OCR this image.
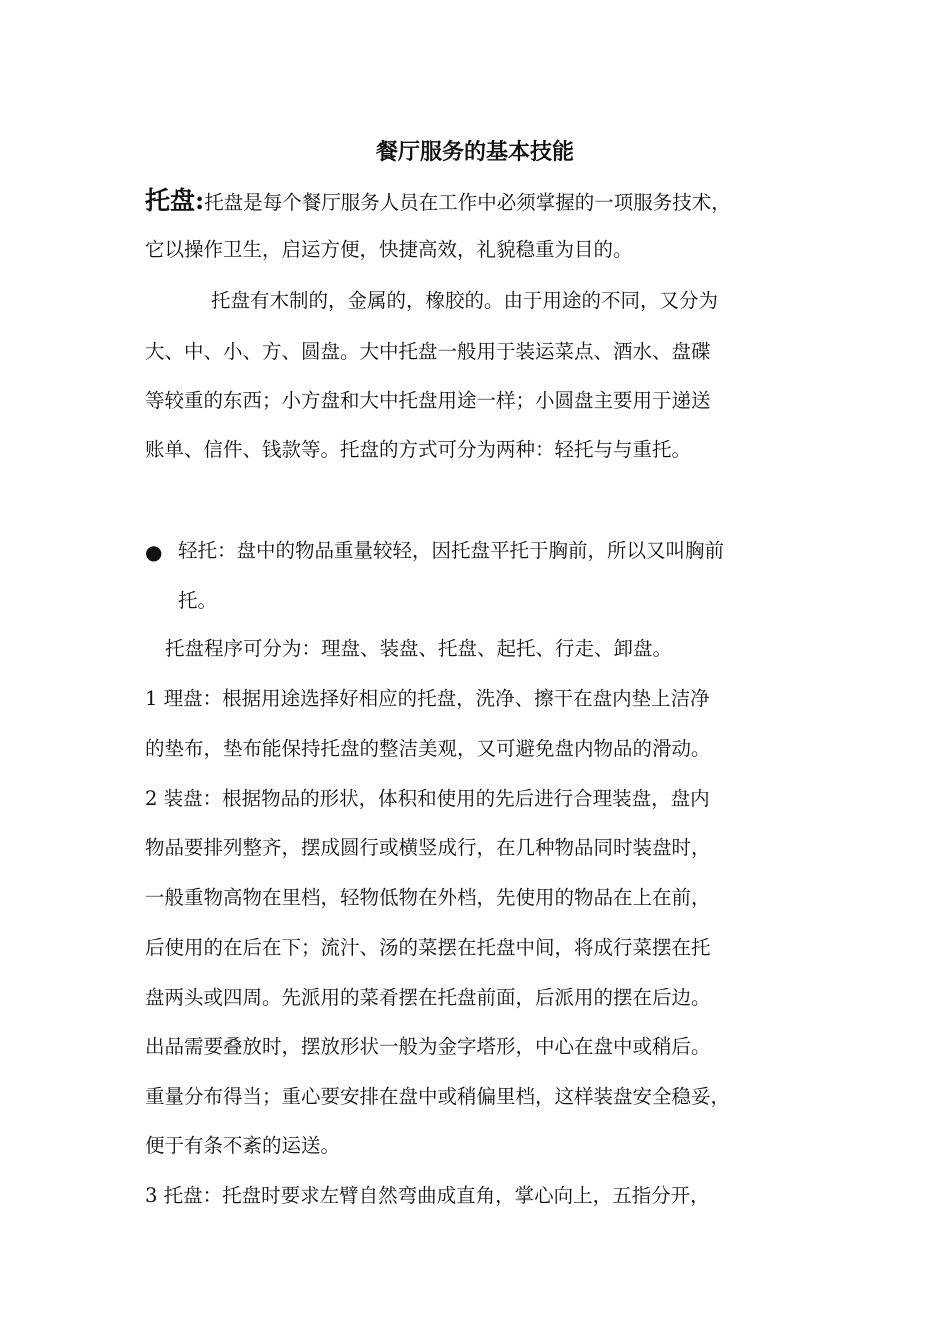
餐厅服务的基本技能
托盘:托盘是每个餐厅服务人员在工作中必须掌握的一项服务技术，
它以操作卫生，启运方便，快捷高效，礼貌稳重为目的。
托盘有木制的，金属的，橡胶的。由于用途的不同，又分为
大、中、小、方、圆盘。大中托盘一般用于装运菜点、酒水、盘碟
等较重的东西；小方盘和大中托盘用途一样；小圆盘主要用于递送
账单、信件、钱款等。托盘的方式可分为两种：轻托与与重托。
● 轻托：盘中的物品重量较轻，因托盘平托于胸前，所以又叫胸前
托。
托盘程序可分为：理盘、装盘、托盘、起托、行走、卸盘。
1 理盘：根据用途选择好相应的托盘，洗净、擦干在盘内垫上洁净
的垫布，垫布能保持托盘的整洁美观，又可避免盘内物品的滑动。
2 装盘：根据物品的形状，体积和使用的先后进行合理装盘，盘内
物品要排列整齐，摆成圆行或横竖成行，在几种物品同时装盘时，
一般重物高物在里档，轻物低物在外档，先使用的物品在上在前，
后使用的在后在下；流汁、汤的菜摆在托盘中间，将成行菜摆在托
盘两头或四周。先派用的菜肴摆在托盘前面，后派用的摆在后边。
出品需要叠放时，摆放形状一般为金字塔形，中心在盘中或稍后。
重量分布得当；重心要安排在盘中或稍偏里档，这样装盘安全稳妥，
便于有条不紊的运送。
3 托盘：托盘时要求左臂自然弯曲成直角，掌心向上，五指分开，
